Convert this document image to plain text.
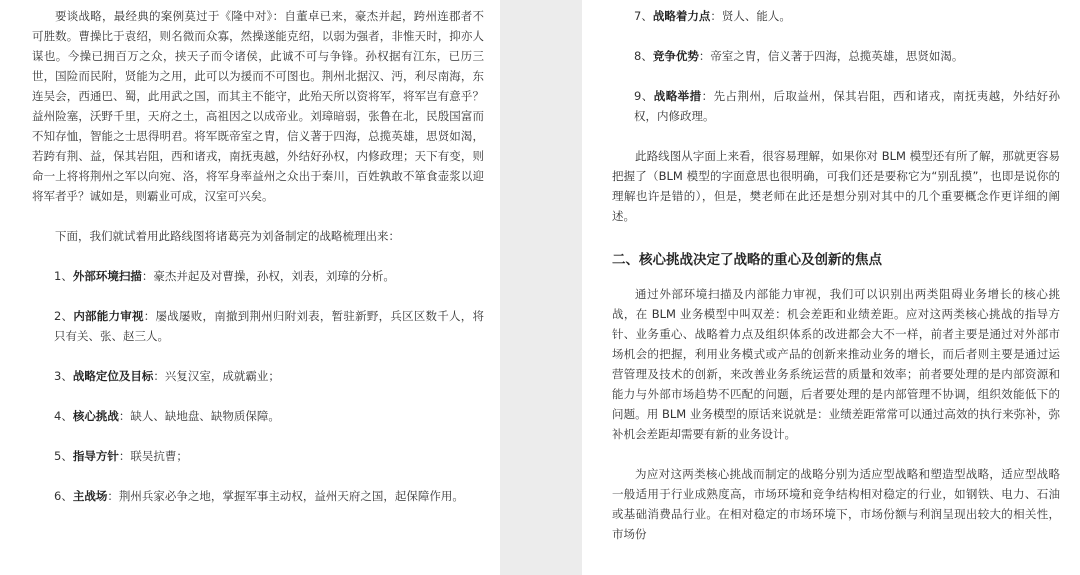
要谈战略，最经典的案例莫过于《隆中对》：自董卓已来，豪杰并起，跨州连郡者不可胜数。曹操比于袁绍，则名微而众寡，然操遂能克绍，以弱为强者，非惟天时，抑亦人谋也。今操已拥百万之众，挟天子而令诸侯，此诚不可与争锋。孙权据有江东，已历三世，国险而民附，贤能为之用，此可以为援而不可图也。荆州北据汉、沔，利尽南海，东连吴会，西通巴、蜀，此用武之国，而其主不能守，此殆天所以资将军，将军岂有意乎？益州险塞，沃野千里，天府之土，高祖因之以成帝业。刘璋暗弱，张鲁在北，民殷国富而不知存恤，智能之士思得明君。将军既帝室之胄，信义著于四海，总揽英雄，思贤如渴，若跨有荆、益，保其岩阻，西和诸戎，南抚夷越，外结好孙权，内修政理；天下有变，则命一上将将荆州之军以向宛、洛，将军身率益州之众出于秦川，百姓孰敢不箪食壶浆以迎将军者乎？诚如是，则霸业可成，汉室可兴矣。

下面，我们就试着用此路线图将诸葛亮为刘备制定的战略梳理出来：

1、外部环境扫描：豪杰并起及对曹操，孙权，刘表，刘璋的分析。

2、内部能力审视：屡战屡败，南撤到荆州归附刘表，暂驻新野，兵区区数千人，将只有关、张、赵三人。

3、战略定位及目标：兴复汉室，成就霸业；

4、核心挑战：缺人、缺地盘、缺物质保障。

5、指导方针：联吴抗曹；

6、主战场：荆州兵家必争之地，掌握军事主动权，益州天府之国，起保障作用。

7、战略着力点：贤人、能人。

8、竞争优势：帝室之胄，信义著于四海，总揽英雄，思贤如渴。

9、战略举措：先占荆州，后取益州，保其岩阻，西和诸戎，南抚夷越，外结好孙权，内修政理。

此路线图从字面上来看，很容易理解，如果你对 BLM 模型还有所了解，那就更容易把握了（BLM 模型的字面意思也很明确，可我们还是要称它为“别乱摸”，也即是说你的理解也许是错的），但是，樊老师在此还是想分别对其中的几个重要概念作更详细的阐述。

二、核心挑战决定了战略的重心及创新的焦点

通过外部环境扫描及内部能力审视，我们可以识别出两类阻碍业务增长的核心挑战，在 BLM 业务模型中叫双差：机会差距和业绩差距。应对这两类核心挑战的指导方针、业务重心、战略着力点及组织体系的改进都会大不一样，前者主要是通过对外部市场机会的把握，利用业务模式或产品的创新来推动业务的增长，而后者则主要是通过运营管理及技术的创新，来改善业务系统运营的质量和效率；前者要处理的是内部资源和能力与外部市场趋势不匹配的问题，后者要处理的是内部管理不协调，组织效能低下的问题。用 BLM 业务模型的原话来说就是：业绩差距常常可以通过高效的执行来弥补，弥补机会差距却需要有新的业务设计。

为应对这两类核心挑战而制定的战略分别为适应型战略和塑造型战略，适应型战略一般适用于行业成熟度高，市场环境和竞争结构相对稳定的行业，如钢铁、电力、石油或基础消费品行业。在相对稳定的市场环境下，市场份额与利润呈现出较大的相关性，市场份
